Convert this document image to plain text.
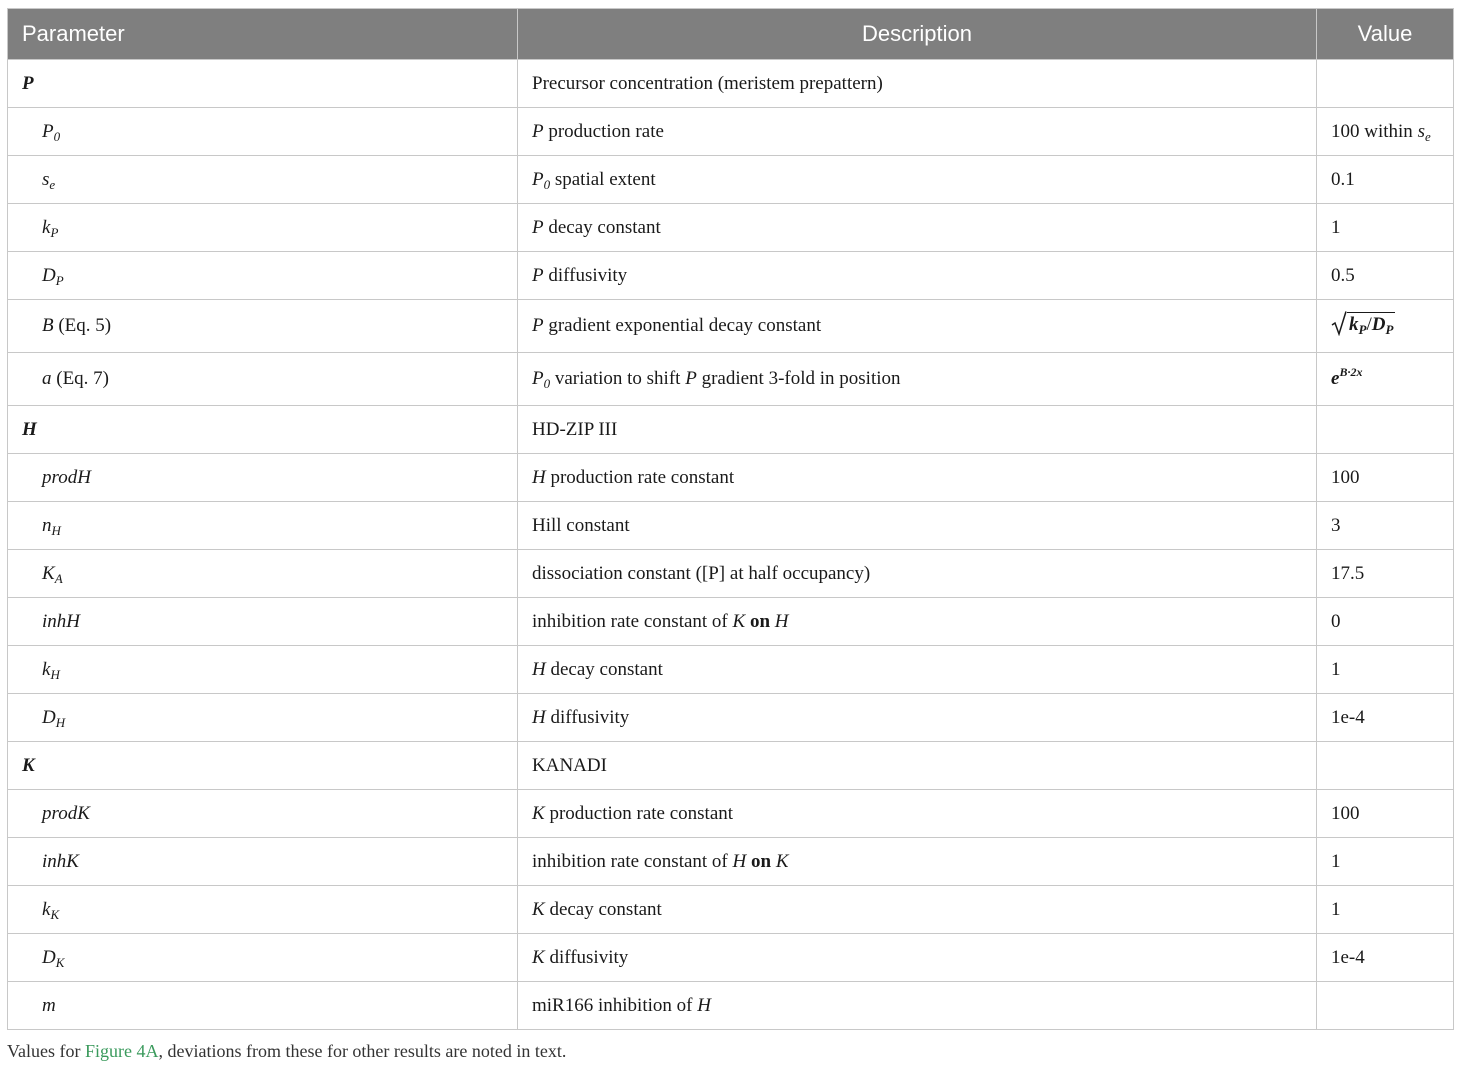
Parameter	Description	Value
P	Precursor concentration (meristem prepattern)	
$P_0$	P production rate	100 within $s_e$
$s_e$	$P_0$ spatial extent	0.1
$k_P$	P decay constant	1
$D_P$	P diffusivity	0.5
B (Eq. 5)	P gradient exponential decay constant	$k_P/D_P$

a (Eq. 7)	$P_0$ variation to shift P gradient 3-fold in position	$e^{B\cdot 2x}$
H	HD-ZIP III	
prodH	H production rate constant	100
$n_H$	Hill constant	3
$K_A$	dissociation constant ([P] at half occupancy)	17.5
inhH	inhibition rate constant of K on H	0
$k_H$	H decay constant	1
$D_H$	H diffusivity	1e-4
K	KANADI	
prodK	K production rate constant	100
inhK	inhibition rate constant of H on K	1
$k_K$	K decay constant	1
$D_K$	K diffusivity	1e-4
m	miR166 inhibition of H	
Values for Figure 4A, deviations from these for other results are noted in text.
